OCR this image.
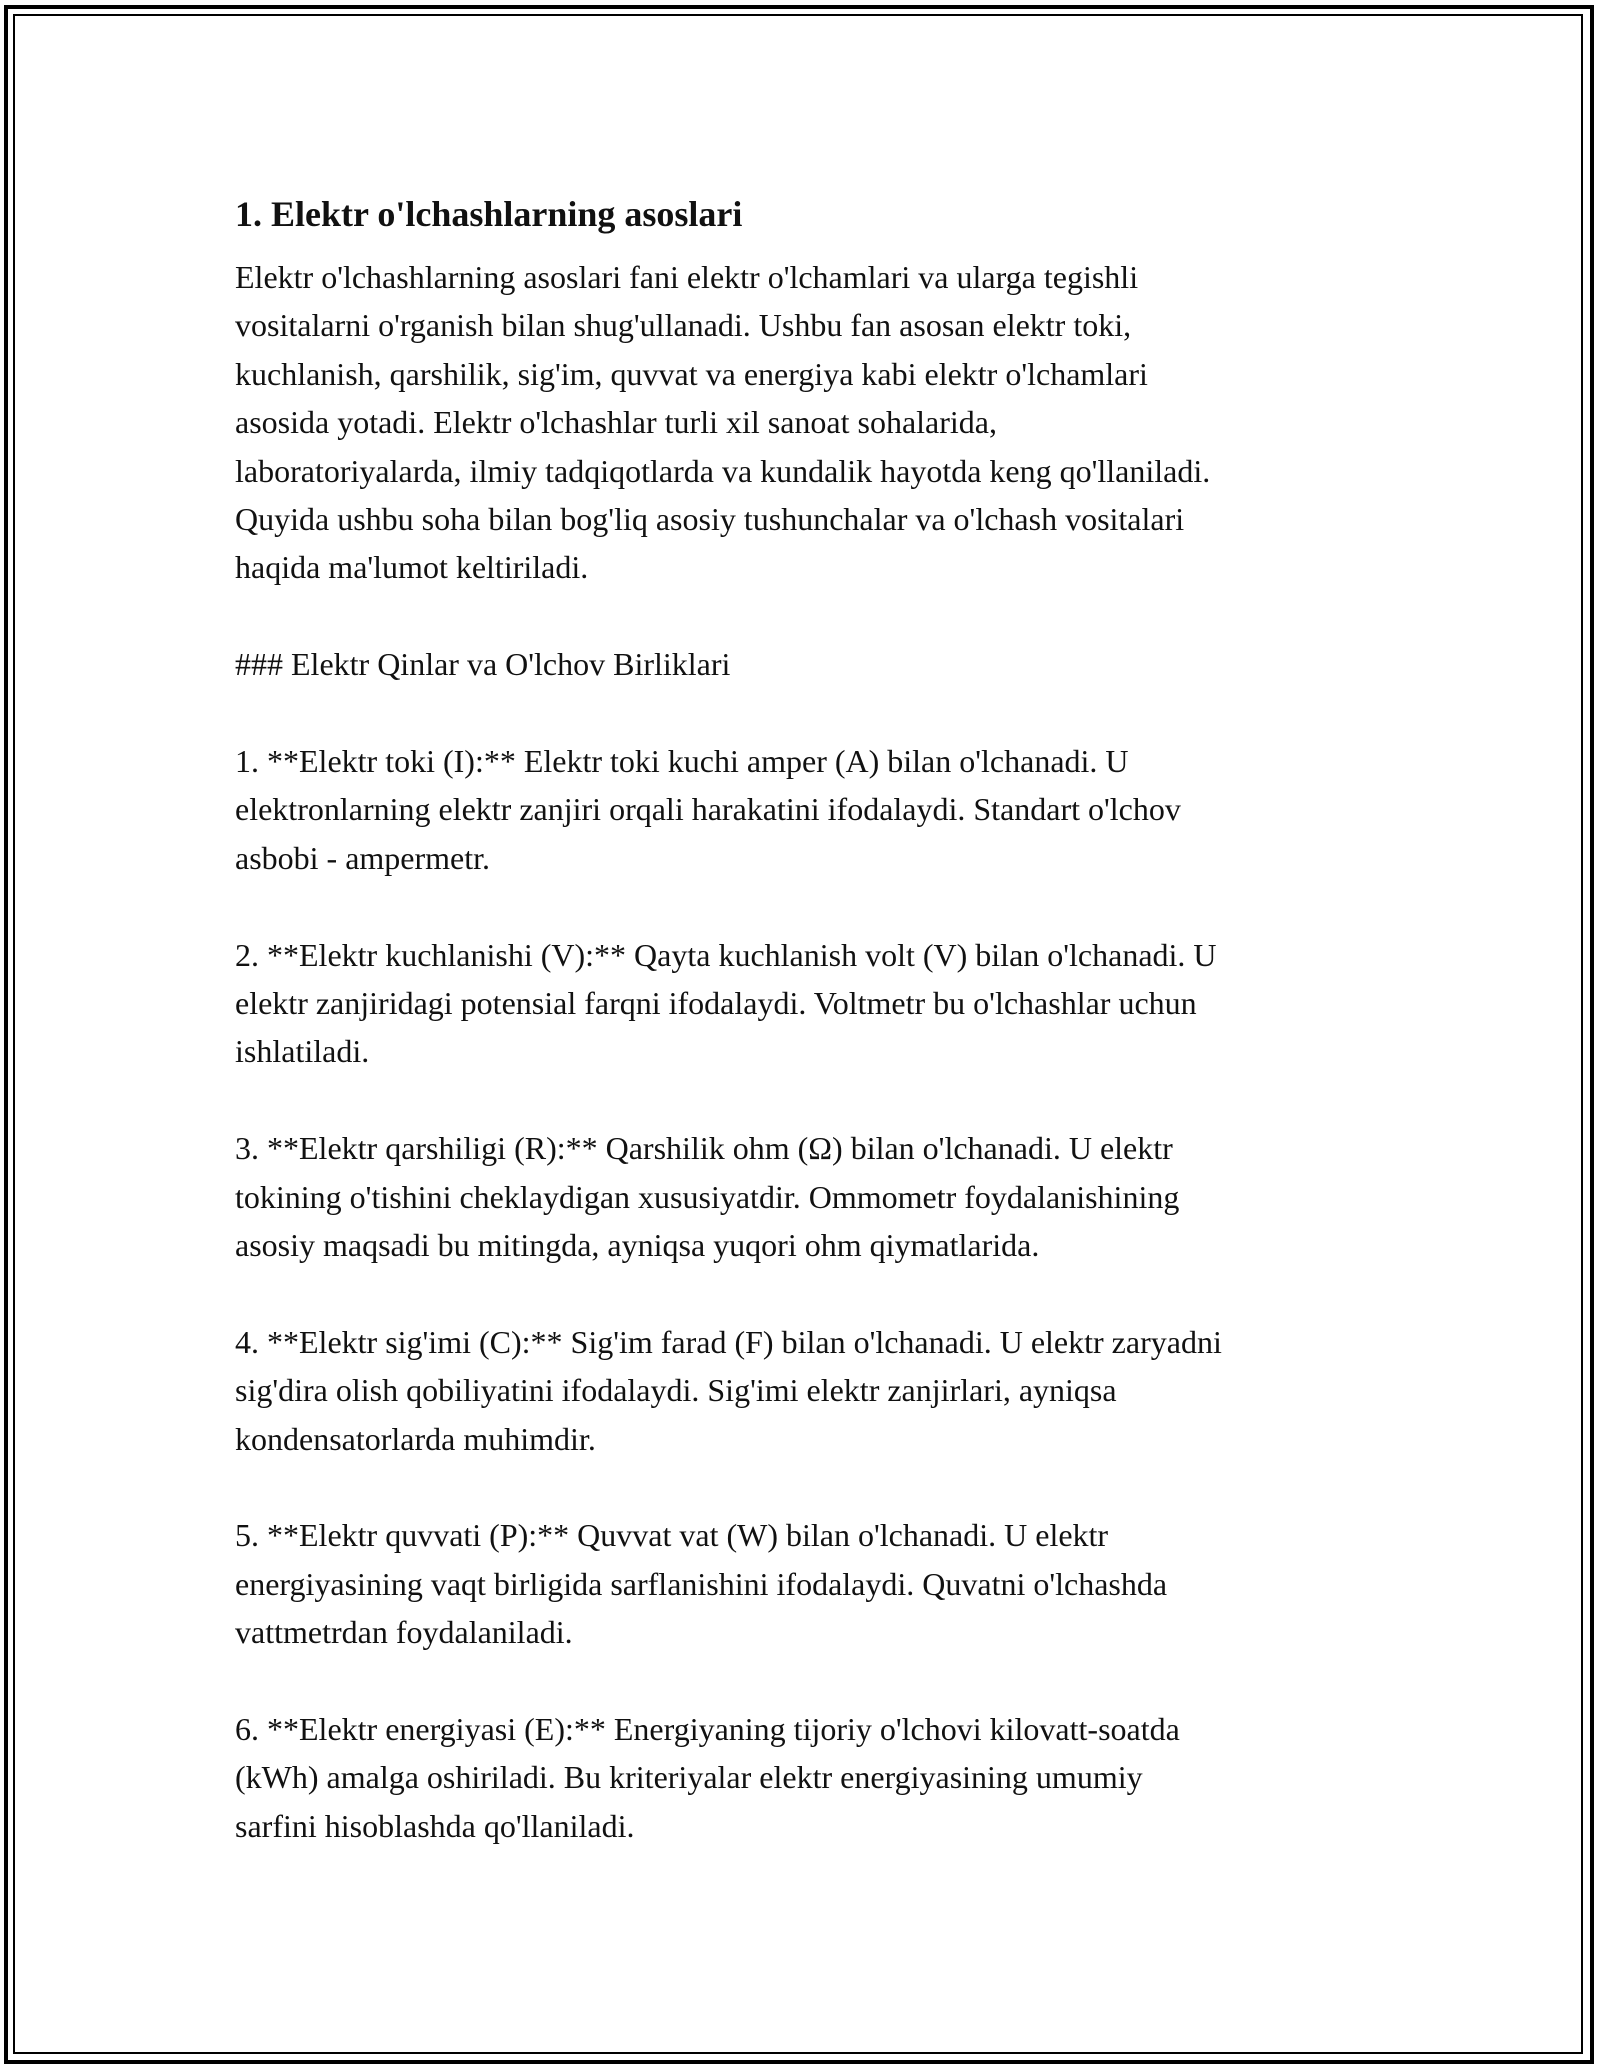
1. Elektr o'lchashlarning asoslari

Elektr o'lchashlarning asoslari fani elektr o'lchamlari va ularga tegishli
vositalarni o'rganish bilan shug'ullanadi. Ushbu fan asosan elektr toki,
kuchlanish, qarshilik, sig'im, quvvat va energiya kabi elektr o'lchamlari
asosida yotadi. Elektr o'lchashlar turli xil sanoat sohalarida,
laboratoriyalarda, ilmiy tadqiqotlarda va kundalik hayotda keng qo'llaniladi.
Quyida ushbu soha bilan bog'liq asosiy tushunchalar va o'lchash vositalari
haqida ma'lumot keltiriladi.

### Elektr Qinlar va O'lchov Birliklari

1. **Elektr toki (I):** Elektr toki kuchi amper (A) bilan o'lchanadi. U
elektronlarning elektr zanjiri orqali harakatini ifodalaydi. Standart o'lchov
asbobi - ampermetr.

2. **Elektr kuchlanishi (V):** Qayta kuchlanish volt (V) bilan o'lchanadi. U
elektr zanjiridagi potensial farqni ifodalaydi. Voltmetr bu o'lchashlar uchun
ishlatiladi.

3. **Elektr qarshiligi (R):** Qarshilik ohm (Ω) bilan o'lchanadi. U elektr
tokining o'tishini cheklaydigan xususiyatdir. Ommometr foydalanishining
asosiy maqsadi bu mitingda, ayniqsa yuqori ohm qiymatlarida.

4. **Elektr sig'imi (C):** Sig'im farad (F) bilan o'lchanadi. U elektr zaryadni
sig'dira olish qobiliyatini ifodalaydi. Sig'imi elektr zanjirlari, ayniqsa
kondensatorlarda muhimdir.

5. **Elektr quvvati (P):** Quvvat vat (W) bilan o'lchanadi. U elektr
energiyasining vaqt birligida sarflanishini ifodalaydi. Quvatni o'lchashda
vattmetrdan foydalaniladi.

6. **Elektr energiyasi (E):** Energiyaning tijoriy o'lchovi kilovatt-soatda
(kWh) amalga oshiriladi. Bu kriteriyalar elektr energiyasining umumiy
sarfini hisoblashda qo'llaniladi.
